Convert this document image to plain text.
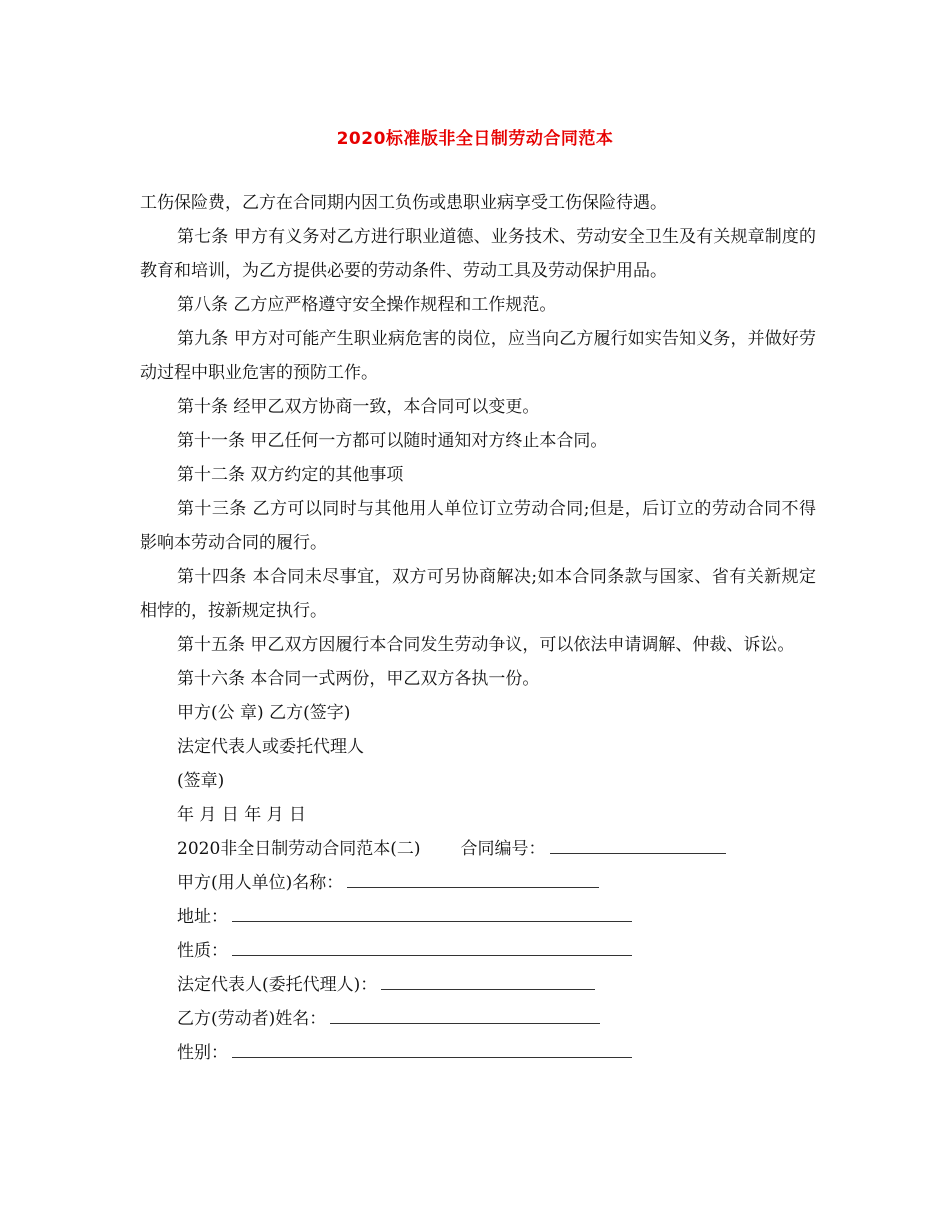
2020标准版非全日制劳动合同范本

工伤保险费，乙方在合同期内因工负伤或患职业病享受工伤保险待遇。

第七条 甲方有义务对乙方进行职业道德、业务技术、劳动安全卫生及有关规章制度的教育和培训，为乙方提供必要的劳动条件、劳动工具及劳动保护用品。

第八条 乙方应严格遵守安全操作规程和工作规范。

第九条 甲方对可能产生职业病危害的岗位，应当向乙方履行如实告知义务，并做好劳动过程中职业危害的预防工作。

第十条 经甲乙双方协商一致，本合同可以变更。

第十一条 甲乙任何一方都可以随时通知对方终止本合同。

第十二条 双方约定的其他事项

第十三条 乙方可以同时与其他用人单位订立劳动合同;但是，后订立的劳动合同不得影响本劳动合同的履行。

第十四条 本合同未尽事宜，双方可另协商解决;如本合同条款与国家、省有关新规定相悖的，按新规定执行。

第十五条 甲乙双方因履行本合同发生劳动争议，可以依法申请调解、仲裁、诉讼。

第十六条 本合同一式两份，甲乙双方各执一份。

甲方(公 章) 乙方(签字)

法定代表人或委托代理人

(签章)

年 月 日 年 月 日

2020非全日制劳动合同范本(二) 合同编号：

甲方(用人单位)名称：

地址：

性质：

法定代表人(委托代理人)：

乙方(劳动者)姓名：

性别：
